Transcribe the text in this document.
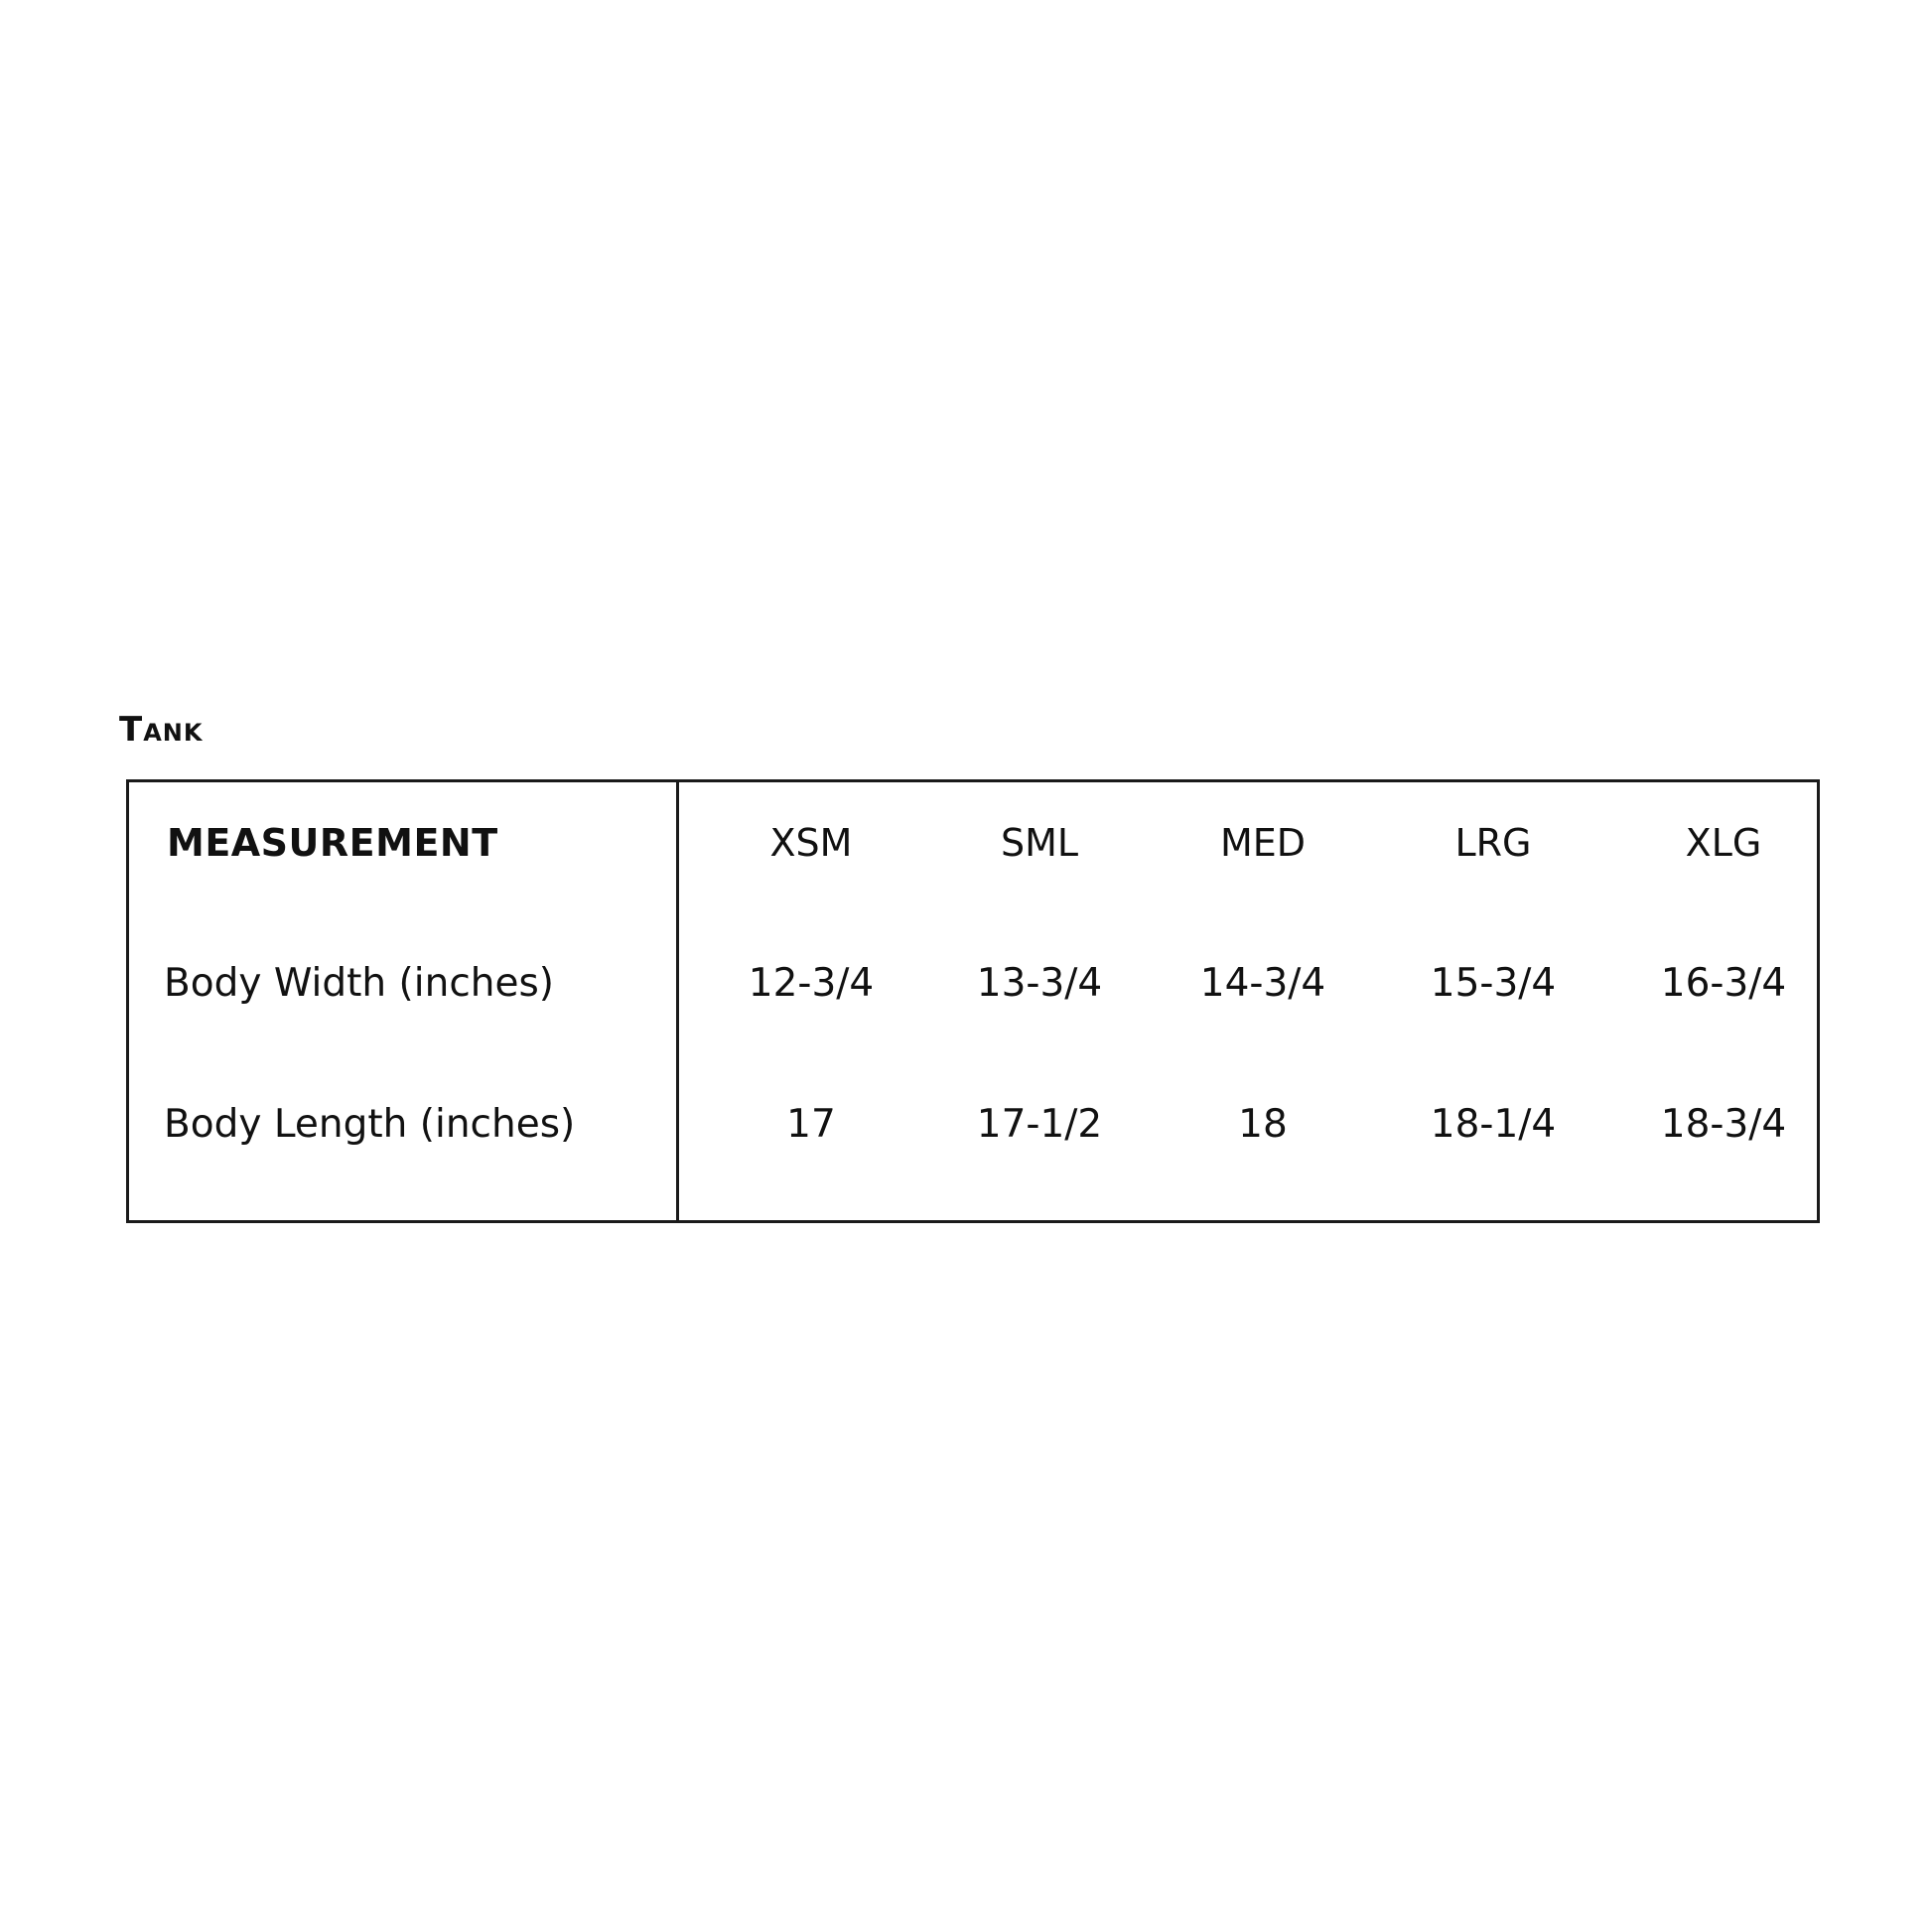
Tank
MEASUREMENT	XSM	SML	MED	LRG	XLG
Body Width (inches)	12-3/4	13-3/4	14-3/4	15-3/4	16-3/4
Body Length (inches)	17	17-1/2	18	18-1/4	18-3/4
